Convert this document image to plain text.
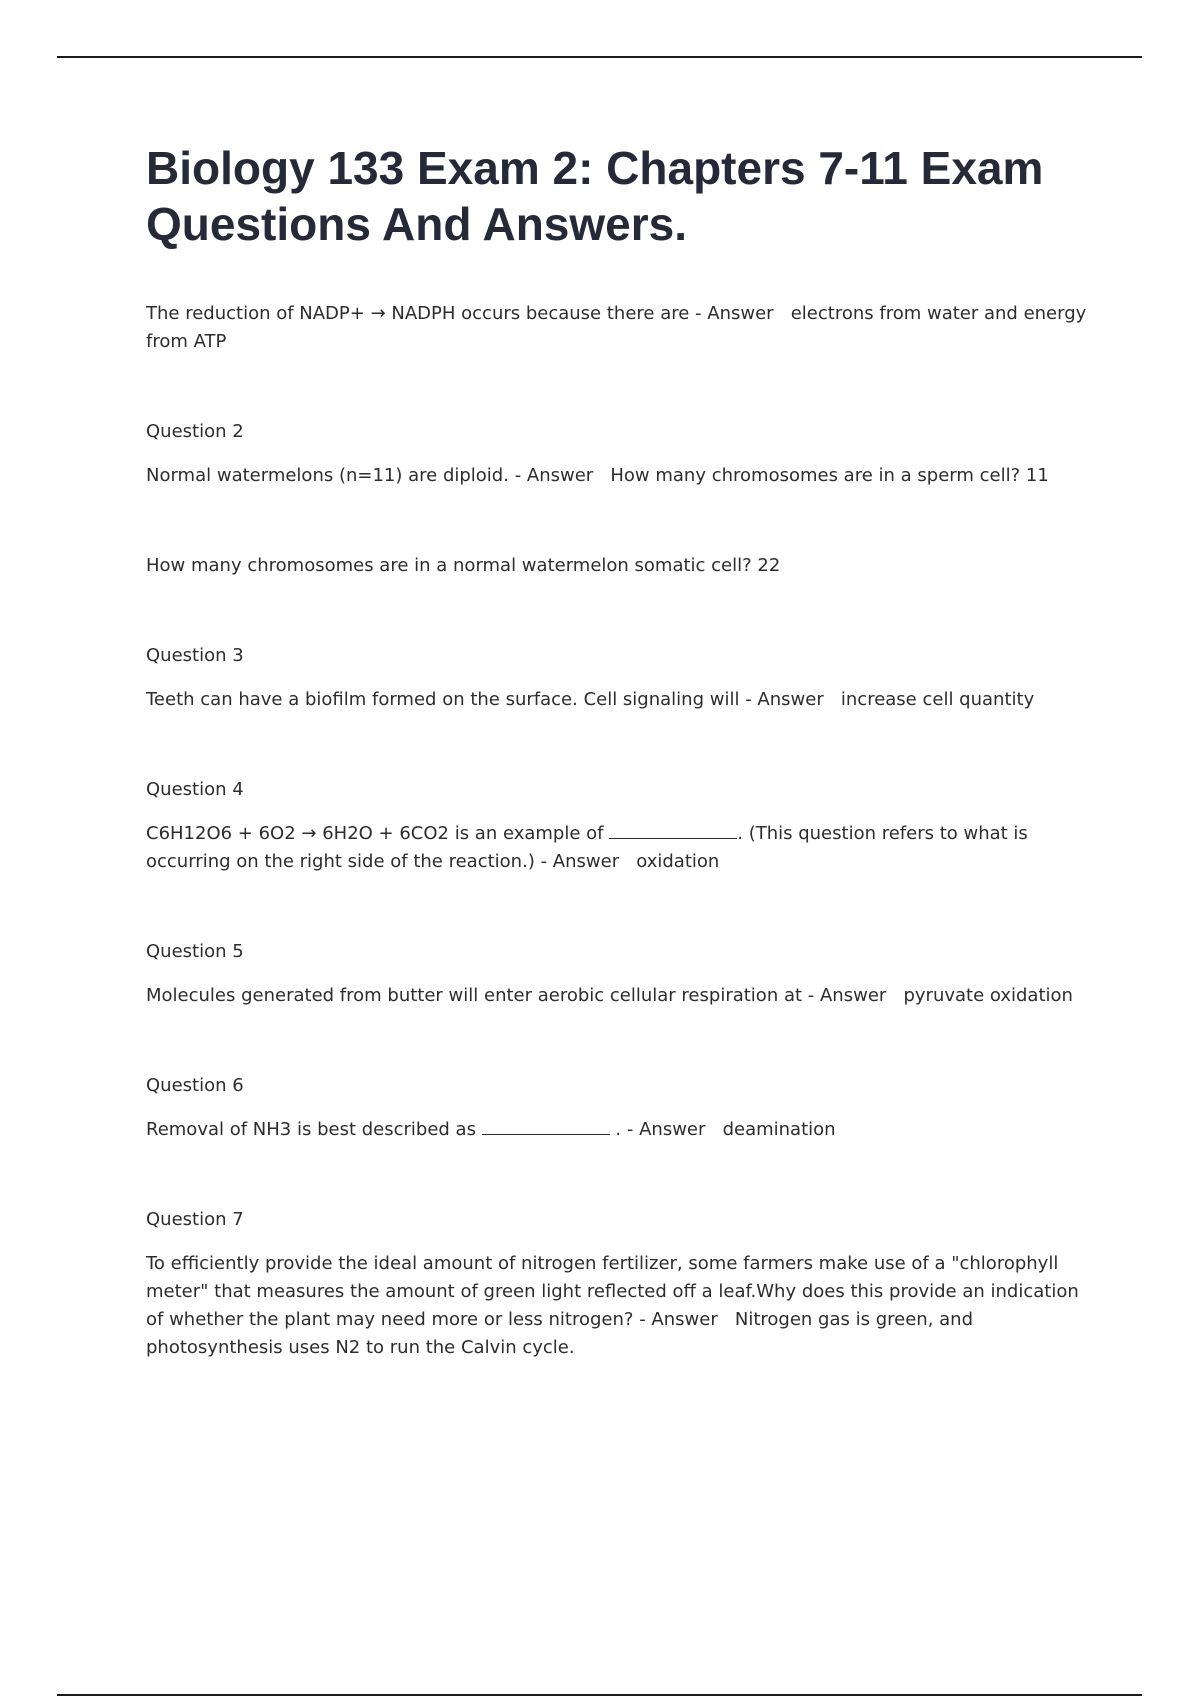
Biology 133 Exam 2: Chapters 7-11 Exam Questions And Answers.

The reduction of NADP+ → NADPH occurs because there are - Answer electrons from water and energy from ATP

Question 2

Normal watermelons (n=11) are diploid. - Answer How many chromosomes are in a sperm cell? 11

How many chromosomes are in a normal watermelon somatic cell? 22

Question 3

Teeth can have a biofilm formed on the surface. Cell signaling will - Answer increase cell quantity

Question 4

C6H12O6 + 6O2 → 6H2O + 6CO2 is an example of	. (This question refers to what is occurring on the right side of the reaction.) - Answer oxidation

Question 5

Molecules generated from butter will enter aerobic cellular respiration at - Answer pyruvate oxidation

Question 6

Removal of NH3 is best described as	. - Answer deamination

Question 7

To efficiently provide the ideal amount of nitrogen fertilizer, some farmers make use of a "chlorophyll meter" that measures the amount of green light reflected off a leaf.Why does this provide an indication of whether the plant may need more or less nitrogen? - Answer Nitrogen gas is green, and photosynthesis uses N2 to run the Calvin cycle.
